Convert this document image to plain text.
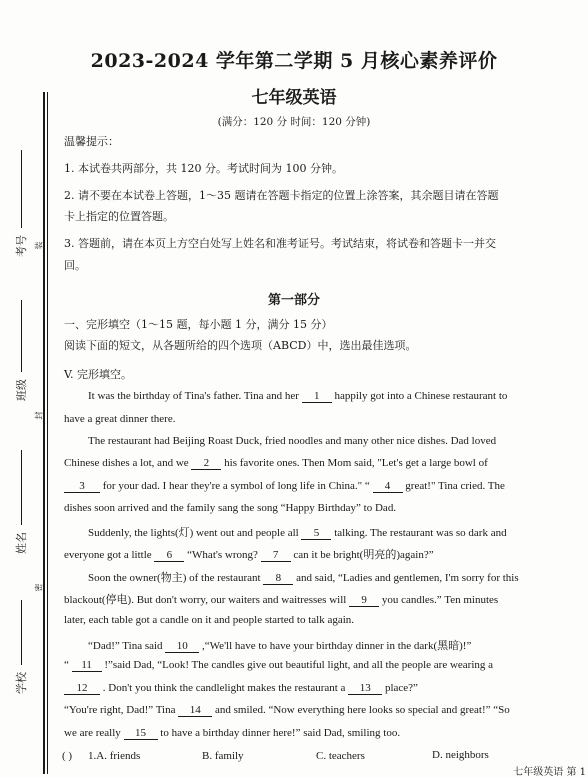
考号 装
班级
封
姓名
密
学校
2023-2024 学年第二学期 5 月核心素养评价
七年级英语
(满分：120 分 时间：120 分钟)
温馨提示：
1. 本试卷共两部分，共 120 分。考试时间为 100 分钟。
2. 请不要在本试卷上答题，1～35 题请在答题卡指定的位置上涂答案，其余题目请在答题
卡上指定的位置答题。
3. 答题前，请在本页上方空白处写上姓名和准考证号。考试结束，将试卷和答题卡一并交
回。
第一部分
一、完形填空（1～15 题，每小题 1 分，满分 15 分）
阅读下面的短文，从各题所给的四个选项（ABCD）中，选出最佳选项。
V. 完形填空。
It was the birthday of Tina's father. Tina and her 1 happily got into a Chinese restaurant to
have a great dinner there.
The restaurant had Beijing Roast Duck, fried noodles and many other nice dishes. Dad loved
Chinese dishes a lot, and we 2 his favorite ones. Then Mom said, "Let's get a large bowl of
3 for your dad. I hear they're a symbol of long life in China." “ 4 great!" Tina cried. The
dishes soon arrived and the family sang the song “Happy Birthday” to Dad.
Suddenly, the lights(灯) went out and people all 5 talking. The restaurant was so dark and
everyone got a little 6 “What's wrong? 7 can it be bright(明亮的)again?”
Soon the owner(物主) of the restaurant 8 and said, “Ladies and gentlemen, I'm sorry for this
blackout(停电). But don't worry, our waiters and waitresses will 9 you candles.” Ten minutes
later, each table got a candle on it and people started to talk again.
“Dad!” Tina said 10 ,“We'll have to have your birthday dinner in the dark(黑暗)!”
“ 11 !”said Dad, “Look! The candles give out beautiful light, and all the people are wearing a
12 . Don't you think the candlelight makes the restaurant a 13 place?”
“You're right, Dad!” Tina 14 and smiled. “Now everything here looks so special and great!” “So
we are really 15 to have a birthday dinner here!” said Dad, smiling too.
( ) 1.A. friends	B. family	C. teachers	D. neighbors
七年级英语 第 1
